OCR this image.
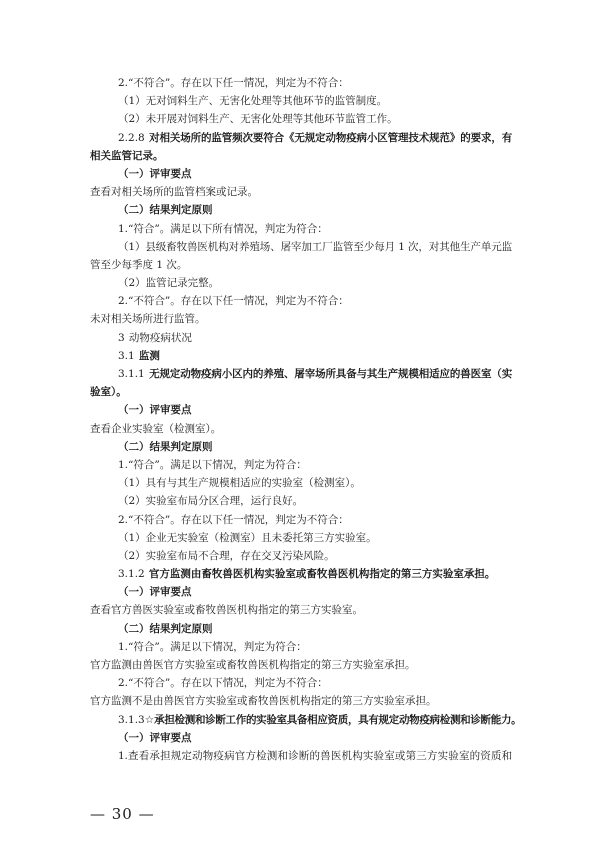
2.“不符合”。存在以下任一情况，判定为不符合：
（1）无对饲料生产、无害化处理等其他环节的监管制度。
（2）未开展对饲料生产、无害化处理等其他环节监管工作。
2.2.8 对相关场所的监管频次要符合《无规定动物疫病小区管理技术规范》的要求，有
相关监管记录。
（一）评审要点
查看对相关场所的监管档案或记录。
（二）结果判定原则
1.“符合”。满足以下所有情况，判定为符合：
（1）县级畜牧兽医机构对养殖场、屠宰加工厂监管至少每月 1 次，对其他生产单元监
管至少每季度 1 次。
（2）监管记录完整。
2.“不符合”。存在以下任一情况，判定为不符合：
未对相关场所进行监管。
3 动物疫病状况
3.1 监测
3.1.1 无规定动物疫病小区内的养殖、屠宰场所具备与其生产规模相适应的兽医室（实
验室）。
（一）评审要点
查看企业实验室（检测室）。
（二）结果判定原则
1.“符合”。满足以下情况，判定为符合：
（1）具有与其生产规模相适应的实验室（检测室）。
（2）实验室布局分区合理，运行良好。
2.“不符合”。存在以下任一情况，判定为不符合：
（1）企业无实验室（检测室）且未委托第三方实验室。
（2）实验室布局不合理，存在交叉污染风险。
3.1.2 官方监测由畜牧兽医机构实验室或畜牧兽医机构指定的第三方实验室承担。
（一）评审要点
查看官方兽医实验室或畜牧兽医机构指定的第三方实验室。
（二）结果判定原则
1.“符合”。满足以下情况，判定为符合：
官方监测由兽医官方实验室或畜牧兽医机构指定的第三方实验室承担。
2.“不符合”。存在以下情况，判定为不符合：
官方监测不是由兽医官方实验室或畜牧兽医机构指定的第三方实验室承担。
3.1.3☆承担检测和诊断工作的实验室具备相应资质，具有规定动物疫病检测和诊断能力。
（一）评审要点
1.查看承担规定动物疫病官方检测和诊断的兽医机构实验室或第三方实验室的资质和
— 30 —
